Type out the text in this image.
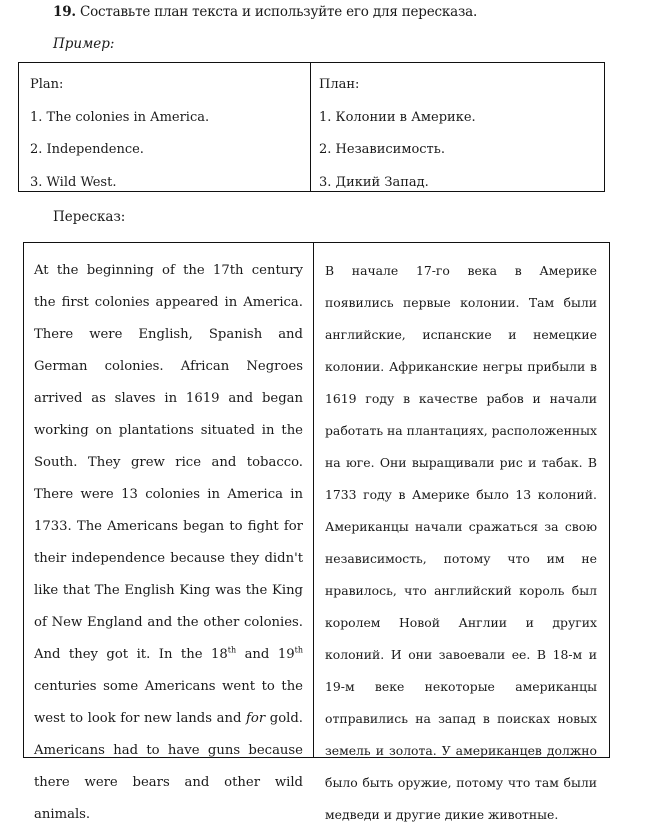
19. Составьте план текста и используйте его для пересказа.
Пример:
Plan:
1. The colonies in America.
2. Independence.
3. Wild West.
План:
1. Колонии в Америке.
2. Независимость.
3. Дикий Запад.
Пересказ:

At the beginning of the 17th century the first colonies appeared in America. There were English, Spanish and German colonies. African Negroes arrived as slaves in 1619 and began working on plantations situated in the South. They grew rice and tobacco. There were 13 colonies in America in 1733. The Americans began to fight for their independence because they didn't like that The English King was the King of New England and the other colonies. And they got it. In the 18th and 19th centuries some Americans went to the west to look for new lands and for gold. Americans had to have guns because there were bears and other wild animals.

В начале 17-го века в Америке появились первые колонии. Там были английские, испанские и немецкие колонии. Африканские негры прибыли в 1619 году в качестве рабов и начали работать на плантациях, расположенных на юге. Они выращивали рис и табак. В 1733 году в Америке было 13 колоний. Американцы начали сражаться за свою независимость, потому что им не нравилось, что английский король был королем Новой Англии и других колоний. И они завоевали ее. В 18-м и 19-м веке некоторые американцы отправились на запад в поисках новых земель и золота. У американцев должно было быть оружие, потому что там были медведи и другие дикие животные.
